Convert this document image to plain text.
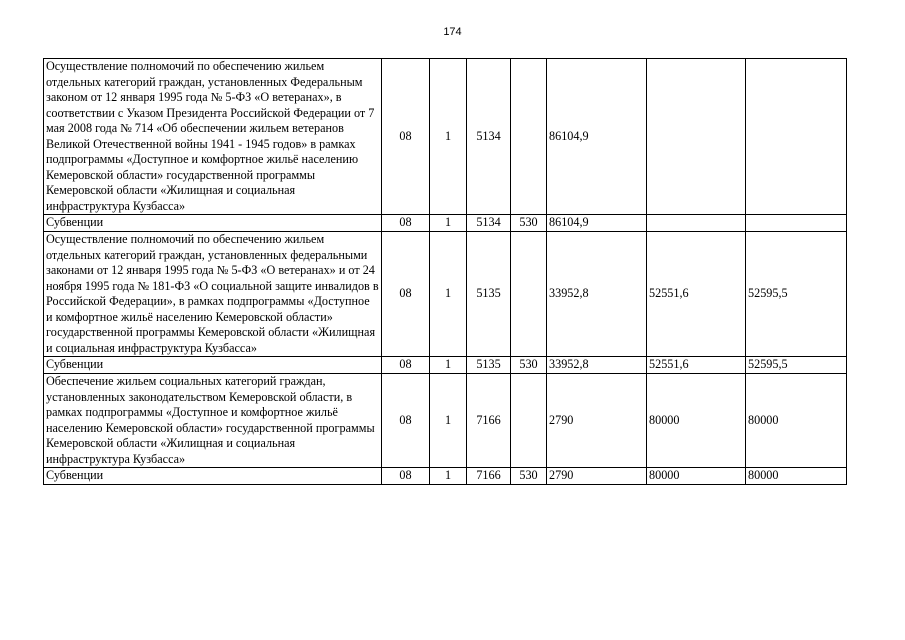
174
Осуществление полномочий по обеспечению жильем отдельных категорий граждан, установленных Федеральным законом от 12 января 1995 года № 5-ФЗ «О ветеранах», в соответствии с Указом Президента Российской Федерации от 7 мая 2008 года № 714 «Об обеспечении жильем ветеранов Великой Отечественной войны 1941 - 1945 годов» в рамках подпрограммы «Доступное и комфортное жильё населению Кемеровской области» государственной программы Кемеровской области «Жилищная и социальная инфраструктура Кузбасса»	08	1	5134		86104,9		
Субвенции	08	1	5134	530	86104,9		
Осуществление полномочий по обеспечению жильем отдельных категорий граждан, установленных федеральными законами от 12 января 1995 года № 5-ФЗ «О ветеранах» и от 24 ноября 1995 года № 181-ФЗ «О социальной защите инвалидов в Российской Федерации», в рамках подпрограммы «Доступное и комфортное жильё населению Кемеровской области» государственной программы Кемеровской области «Жилищная и социальная инфраструктура Кузбасса»	08	1	5135		33952,8	52551,6	52595,5
Субвенции	08	1	5135	530	33952,8	52551,6	52595,5
Обеспечение жильем социальных категорий граждан, установленных законодательством Кемеровской области, в рамках подпрограммы «Доступное и комфортное жильё населению Кемеровской области» государственной программы Кемеровской области «Жилищная и социальная инфраструктура Кузбасса»	08	1	7166		2790	80000	80000
Субвенции	08	1	7166	530	2790	80000	80000
